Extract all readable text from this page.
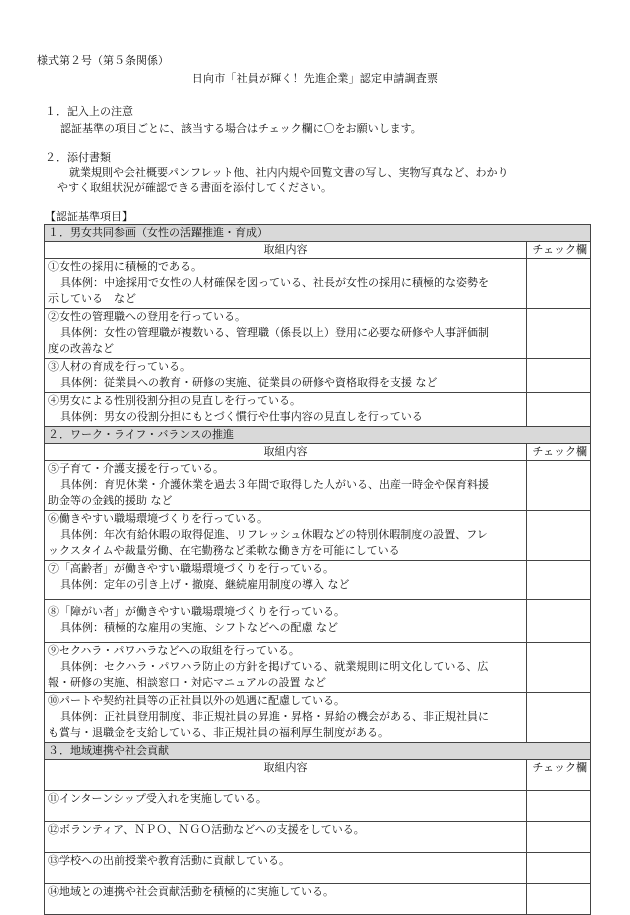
様式第２号（第５条関係）
日向市「社員が輝く！先進企業」認定申請調査票
１．記入上の注意
認証基準の項目ごとに、該当する場合はチェック欄に〇をお願いします。
２．添付書類
就業規則や会社概要パンフレット他、社内内規や回覧文書の写し、実物写真など、わかり
やすく取組状況が確認できる書面を添付してください。
【認証基準項目】
１．男女共同参画（女性の活躍推進・育成）	
取組内容	チェック欄

①女性の採用に積極的である。
具体例：中途採用で女性の人材確保を図っている、社長が女性の採用に積極的な姿勢を
示している　など	

②女性の管理職への登用を行っている。
具体例：女性の管理職が複数いる、管理職（係長以上）登用に必要な研修や人事評価制
度の改善など	

③人材の育成を行っている。
具体例：従業員への教育・研修の実施、従業員の研修や資格取得を支援 など	

④男女による性別役割分担の見直しを行っている。
具体例：男女の役割分担にもとづく慣行や仕事内容の見直しを行っている	

２．ワーク・ライフ・バランスの推進	
取組内容	チェック欄

⑤子育て・介護支援を行っている。
具体例：育児休業・介護休業を過去３年間で取得した人がいる、出産一時金や保育料援
助金等の金銭的援助 など	

⑥働きやすい職場環境づくりを行っている。
具体例：年次有給休暇の取得促進、リフレッシュ休暇などの特別休暇制度の設置、フレ
ックスタイムや裁量労働、在宅勤務など柔軟な働き方を可能にしている	

⑦「高齢者」が働きやすい職場環境づくりを行っている。
具体例：定年の引き上げ・撤廃、継続雇用制度の導入 など	

⑧「障がい者」が働きやすい職場環境づくりを行っている。
具体例：積極的な雇用の実施、シフトなどへの配慮 など	

⑨セクハラ・パワハラなどへの取組を行っている。
具体例：セクハラ・パワハラ防止の方針を掲げている、就業規則に明文化している、広
報・研修の実施、相談窓口・対応マニュアルの設置 など	

⑩パートや契約社員等の正社員以外の処遇に配慮している。
具体例：正社員登用制度、非正規社員の昇進・昇格・昇給の機会がある、非正規社員に
も賞与・退職金を支給している、非正規社員の福利厚生制度がある。	
３．地域連携や社会貢献	
取組内容	チェック欄
⑪インターンシップ受入れを実施している。	
⑫ボランティア、ＮＰＯ、ＮＧＯ活動などへの支援をしている。	
⑬学校への出前授業や教育活動に貢献している。	
⑭地域との連携や社会貢献活動を積極的に実施している。	
